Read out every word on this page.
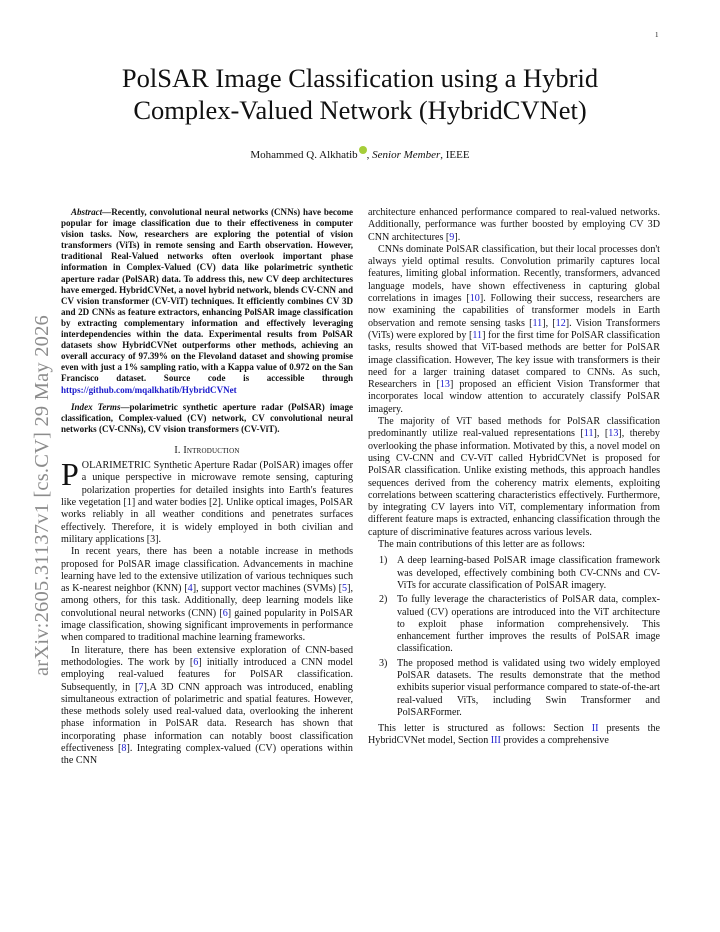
1
arXiv:2605.31137v1 [cs.CV] 29 May 2026
PolSAR Image Classification using a Hybrid
Complex-Valued Network (HybridCVNet)
Mohammed Q. Alkhatib , Senior Member, IEEE

Abstract—Recently, convolutional neural networks (CNNs) have become popular for image classification due to their effectiveness in computer vision tasks. Now, researchers are exploring the potential of vision transformers (ViTs) in remote sensing and Earth observation. However, traditional Real-Valued networks often overlook important phase information in Complex-Valued (CV) data like polarimetric synthetic aperture radar (PolSAR) data. To address this, new CV deep architectures have emerged. HybridCVNet, a novel hybrid network, blends CV-CNN and CV vision transformer (CV-ViT) techniques. It efficiently combines CV 3D and 2D CNNs as feature extractors, enhancing PolSAR image classification by extracting complementary information and effectively leveraging interdependencies within the data. Experimental results from PolSAR datasets show HybridCVNet outperforms other methods, achieving an overall accuracy of 97.39% on the Flevoland dataset and showing promise even with just a 1% sampling ratio, with a Kappa value of 0.972 on the San Francisco dataset. Source code is accessible through https://github.com/mqalkhatib/HybridCVNet

Index Terms—polarimetric synthetic aperture radar (PolSAR) image classification, Complex-valued (CV) network, CV convolutional neural networks (CV-CNNs), CV vision transformers (CV-ViT).

I. Introduction

POLARIMETRIC Synthetic Aperture Radar (PolSAR) images offer a unique perspective in microwave remote sensing, capturing polarization properties for detailed insights into Earth's features like vegetation [1] and water bodies [2]. Unlike optical images, PolSAR works reliably in all weather conditions and penetrates surfaces effectively. Therefore, it is widely employed in both civilian and military applications [3].

In recent years, there has been a notable increase in methods proposed for PolSAR image classification. Advancements in machine learning have led to the extensive utilization of various techniques such as K-nearest neighbor (KNN) [4], support vector machines (SVMs) [5], among others, for this task. Additionally, deep learning models like convolutional neural networks (CNN) [6] gained popularity in PolSAR image classification, showing significant improvements in performance when compared to traditional machine learning frameworks.

In literature, there has been extensive exploration of CNN-based methodologies. The work by [6] initially introduced a CNN model employing real-valued features for PolSAR classification. Subsequently, in [7],A 3D CNN approach was introduced, enabling simultaneous extraction of polarimetric and spatial features. However, these methods solely used real-valued data, overlooking the inherent phase information in PolSAR data. Research has shown that incorporating phase information can notably boost classification effectiveness [8]. Integrating complex-valued (CV) operations within the CNN

architecture enhanced performance compared to real-valued networks. Additionally, performance was further boosted by employing CV 3D CNN architectures [9].

CNNs dominate PolSAR classification, but their local processes don't always yield optimal results. Convolution primarily captures local features, limiting global information. Recently, transformers, advanced language models, have shown effectiveness in capturing global correlations in images [10]. Following their success, researchers are now examining the capabilities of transformer models in Earth observation and remote sensing tasks [11], [12]. Vision Transformers (ViTs) were explored by [11] for the first time for PolSAR classification tasks, results showed that ViT-based methods are better for PolSAR image classification. However, The key issue with transformers is their need for a larger training dataset compared to CNNs. As such, Researchers in [13] proposed an efficient Vision Transformer that incorporates local window attention to accurately classify PolSAR imagery.

The majority of ViT based methods for PolSAR classification predominantly utilize real-valued representations [11], [13], thereby overlooking the phase information. Motivated by this, a novel model on using CV-CNN and CV-ViT called HybridCVNet is proposed for PolSAR classification. Unlike existing methods, this approach handles sequences derived from the coherency matrix elements, exploiting correlations between scattering characteristics effectively. Furthermore, by integrating CV layers into ViT, complementary information from different feature maps is extracted, enhancing classification through the capture of discriminative features across various levels.

The main contributions of this letter are as follows:

1) A deep learning-based PolSAR image classification framework was developed, effectively combining both CV-CNNs and CV-ViTs for accurate classification of PolSAR imagery.
2) To fully leverage the characteristics of PolSAR data, complex-valued (CV) operations are introduced into the ViT architecture to exploit phase information comprehensively. This enhancement further improves the results of PolSAR image classification.
3) The proposed method is validated using two widely employed PolSAR datasets. The results demonstrate that the method exhibits superior visual performance compared to state-of-the-art real-valued ViTs, including Swin Transformer and PolSARFormer.

This letter is structured as follows: Section II presents the HybridCVNet model, Section III provides a comprehensive
